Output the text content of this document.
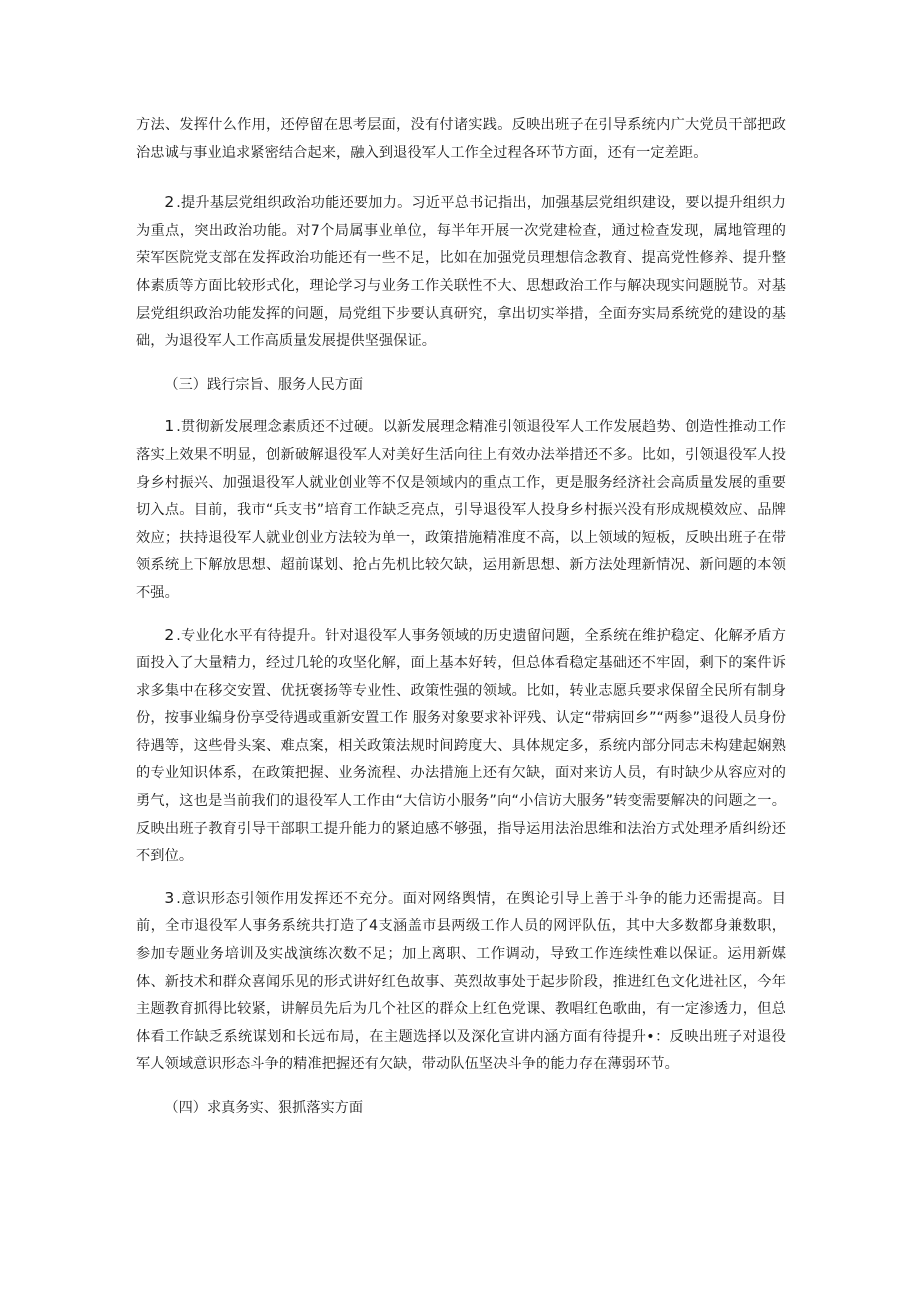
方法、发挥什么作用，还停留在思考层面，没有付诸实践。反映出班子在引导系统内广大党员干部把政治忠诚与事业追求紧密结合起来，融入到退役军人工作全过程各环节方面，还有一定差距。

2.提升基层党组织政治功能还要加力。习近平总书记指出，加强基层党组织建设，要以提升组织力为重点，突出政治功能。对7个局属事业单位，每半年开展一次党建检查，通过检查发现，属地管理的荣军医院党支部在发挥政治功能还有一些不足，比如在加强党员理想信念教育、提高党性修养、提升整体素质等方面比较形式化，理论学习与业务工作关联性不大、思想政治工作与解决现实问题脱节。对基层党组织政治功能发挥的问题，局党组下步要认真研究，拿出切实举措，全面夯实局系统党的建设的基础，为退役军人工作高质量发展提供坚强保证。

（三）践行宗旨、服务人民方面

1.贯彻新发展理念素质还不过硬。以新发展理念精准引领退役军人工作发展趋势、创造性推动工作落实上效果不明显，创新破解退役军人对美好生活向往上有效办法举措还不多。比如，引领退役军人投身乡村振兴、加强退役军人就业创业等不仅是领域内的重点工作，更是服务经济社会高质量发展的重要切入点。目前，我市“兵支书”培育工作缺乏亮点，引导退役军人投身乡村振兴没有形成规模效应、品牌效应；扶持退役军人就业创业方法较为单一，政策措施精准度不高，以上领域的短板，反映出班子在带领系统上下解放思想、超前谋划、抢占先机比较欠缺，运用新思想、新方法处理新情况、新问题的本领不强。

2.专业化水平有待提升。针对退役军人事务领域的历史遗留问题，全系统在维护稳定、化解矛盾方面投入了大量精力，经过几轮的攻坚化解，面上基本好转，但总体看稳定基础还不牢固，剩下的案件诉求多集中在移交安置、优抚褒扬等专业性、政策性强的领域。比如，转业志愿兵要求保留全民所有制身份，按事业编身份享受待遇或重新安置工作 服务对象要求补评残、认定“带病回乡”“两参”退役人员身份待遇等，这些骨头案、难点案，相关政策法规时间跨度大、具体规定多，系统内部分同志未构建起娴熟的专业知识体系，在政策把握、业务流程、办法措施上还有欠缺，面对来访人员，有时缺少从容应对的勇气，这也是当前我们的退役军人工作由“大信访小服务”向“小信访大服务”转变需要解决的问题之一。反映出班子教育引导干部职工提升能力的紧迫感不够强，指导运用法治思维和法治方式处理矛盾纠纷还不到位。

3.意识形态引领作用发挥还不充分。面对网络舆情，在舆论引导上善于斗争的能力还需提高。目前，全市退役军人事务系统共打造了4支涵盖市县两级工作人员的网评队伍，其中大多数都身兼数职，参加专题业务培训及实战演练次数不足；加上离职、工作调动，导致工作连续性难以保证。运用新媒体、新技术和群众喜闻乐见的形式讲好红色故事、英烈故事处于起步阶段，推进红色文化进社区，今年主题教育抓得比较紧，讲解员先后为几个社区的群众上红色党课、教唱红色歌曲，有一定渗透力，但总体看工作缺乏系统谋划和长远布局，在主题选择以及深化宣讲内涵方面有待提升•：反映出班子对退役军人领域意识形态斗争的精准把握还有欠缺，带动队伍坚决斗争的能力存在薄弱环节。

（四）求真务实、狠抓落实方面
